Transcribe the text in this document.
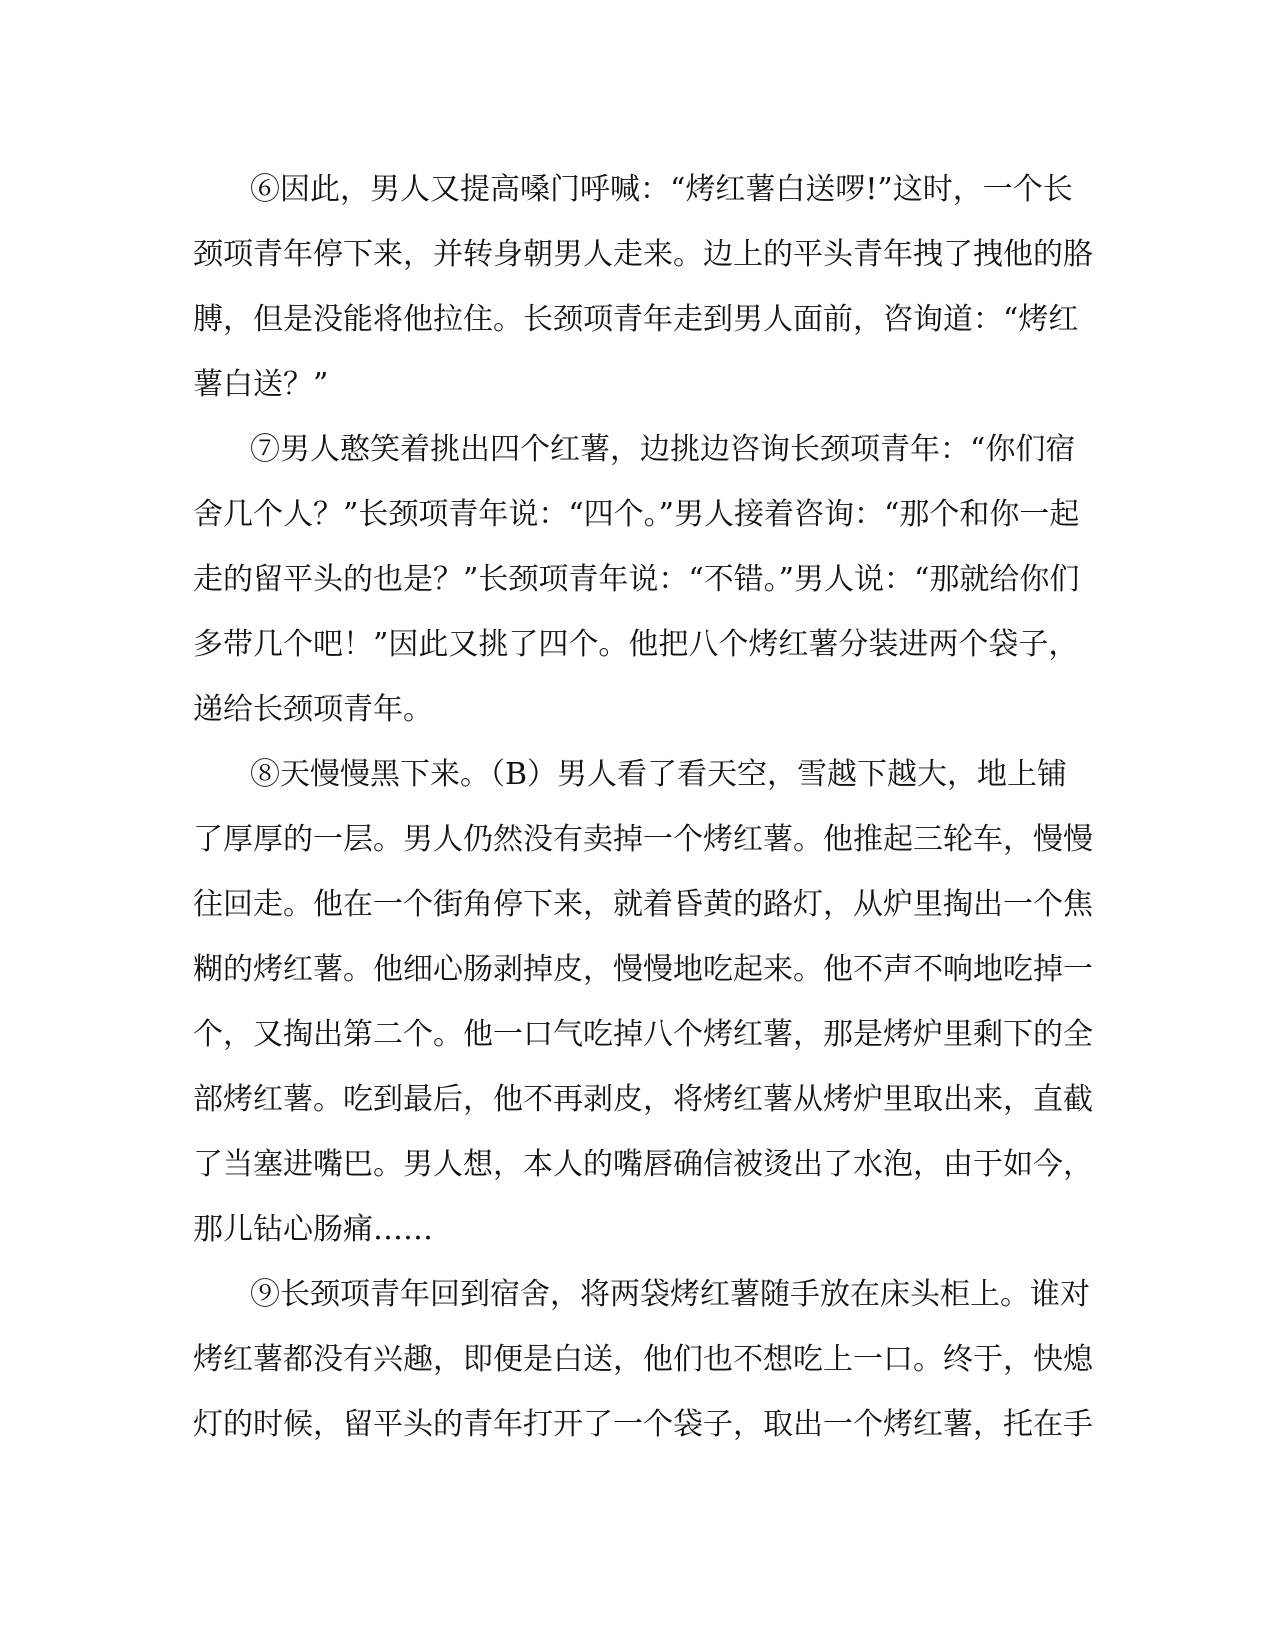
⑥因此，男人又提高嗓门呼喊：“烤红薯白送啰!”这时，一个长
颈项青年停下来，并转身朝男人走来。边上的平头青年拽了拽他的胳
膊，但是没能将他拉住。长颈项青年走到男人面前，咨询道：“烤红
薯白送？”
⑦男人憨笑着挑出四个红薯，边挑边咨询长颈项青年：“你们宿
舍几个人？”长颈项青年说：“四个。”男人接着咨询：“那个和你一起
走的留平头的也是？”长颈项青年说：“不错。”男人说：“那就给你们
多带几个吧！”因此又挑了四个。他把八个烤红薯分装进两个袋子，
递给长颈项青年。
⑧天慢慢黑下来。（B）男人看了看天空，雪越下越大，地上铺
了厚厚的一层。男人仍然没有卖掉一个烤红薯。他推起三轮车，慢慢
往回走。他在一个街角停下来，就着昏黄的路灯，从炉里掏出一个焦
糊的烤红薯。他细心肠剥掉皮，慢慢地吃起来。他不声不响地吃掉一
个，又掏出第二个。他一口气吃掉八个烤红薯，那是烤炉里剩下的全
部烤红薯。吃到最后，他不再剥皮，将烤红薯从烤炉里取出来，直截
了当塞进嘴巴。男人想，本人的嘴唇确信被烫出了水泡，由于如今，
那儿钻心肠痛……
⑨长颈项青年回到宿舍，将两袋烤红薯随手放在床头柜上。谁对
烤红薯都没有兴趣，即便是白送，他们也不想吃上一口。终于，快熄
灯的时候，留平头的青年打开了一个袋子，取出一个烤红薯，托在手
